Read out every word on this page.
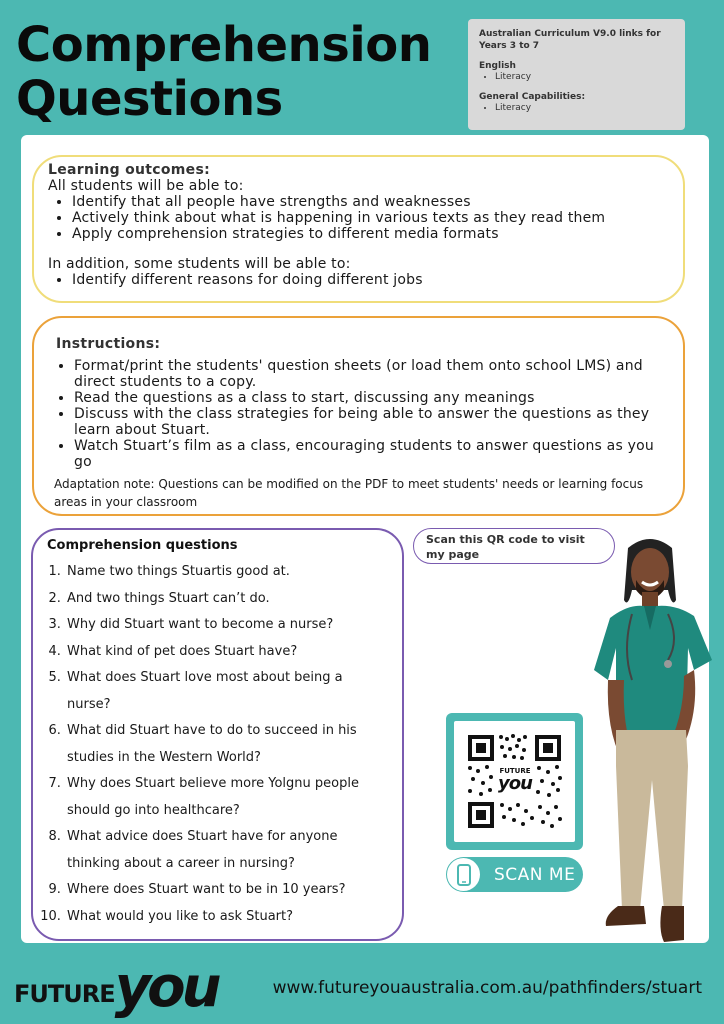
Comprehension
Questions
Australian Curriculum V9.0 links for Years 3 to 7
English
• Literacy
General Capabilities:
• Literacy
Learning outcomes:

All students will be able to:

• Identify that all people have strengths and weaknesses
• Actively think about what is happening in various texts as they read them
• Apply comprehension strategies to different media formats

In addition, some students will be able to:

• Identify different reasons for doing different jobs
Instructions:
• Format/print the students' question sheets (or load them onto school LMS) and direct students to a copy.
• Read the questions as a class to start, discussing any meanings
• Discuss with the class strategies for being able to answer the questions as they learn about Stuart.
• Watch Stuart’s film as a class, encouraging students to answer questions as you go
Adaptation note: Questions can be modified on the PDF to meet students' needs or learning focus areas in your classroom
Comprehension questions
1. Name two things Stuartis good at.
2. And two things Stuart can’t do.
3. Why did Stuart want to become a nurse?
4. What kind of pet does Stuart have?
5. What does Stuart love most about being a nurse?
6. What did Stuart have to do to succeed in his studies in the Western World?
7. Why does Stuart believe more Yolgnu people should go into healthcare?
8. What advice does Stuart have for anyone thinking about a career in nursing?
9. Where does Stuart want to be in 10 years?
10. What would you like to ask Stuart?
Scan this QR code to visit my page
FUTURE
you
SCAN ME
FUTURE you	www.futureyouaustralia.com.au/pathfinders/stuart
